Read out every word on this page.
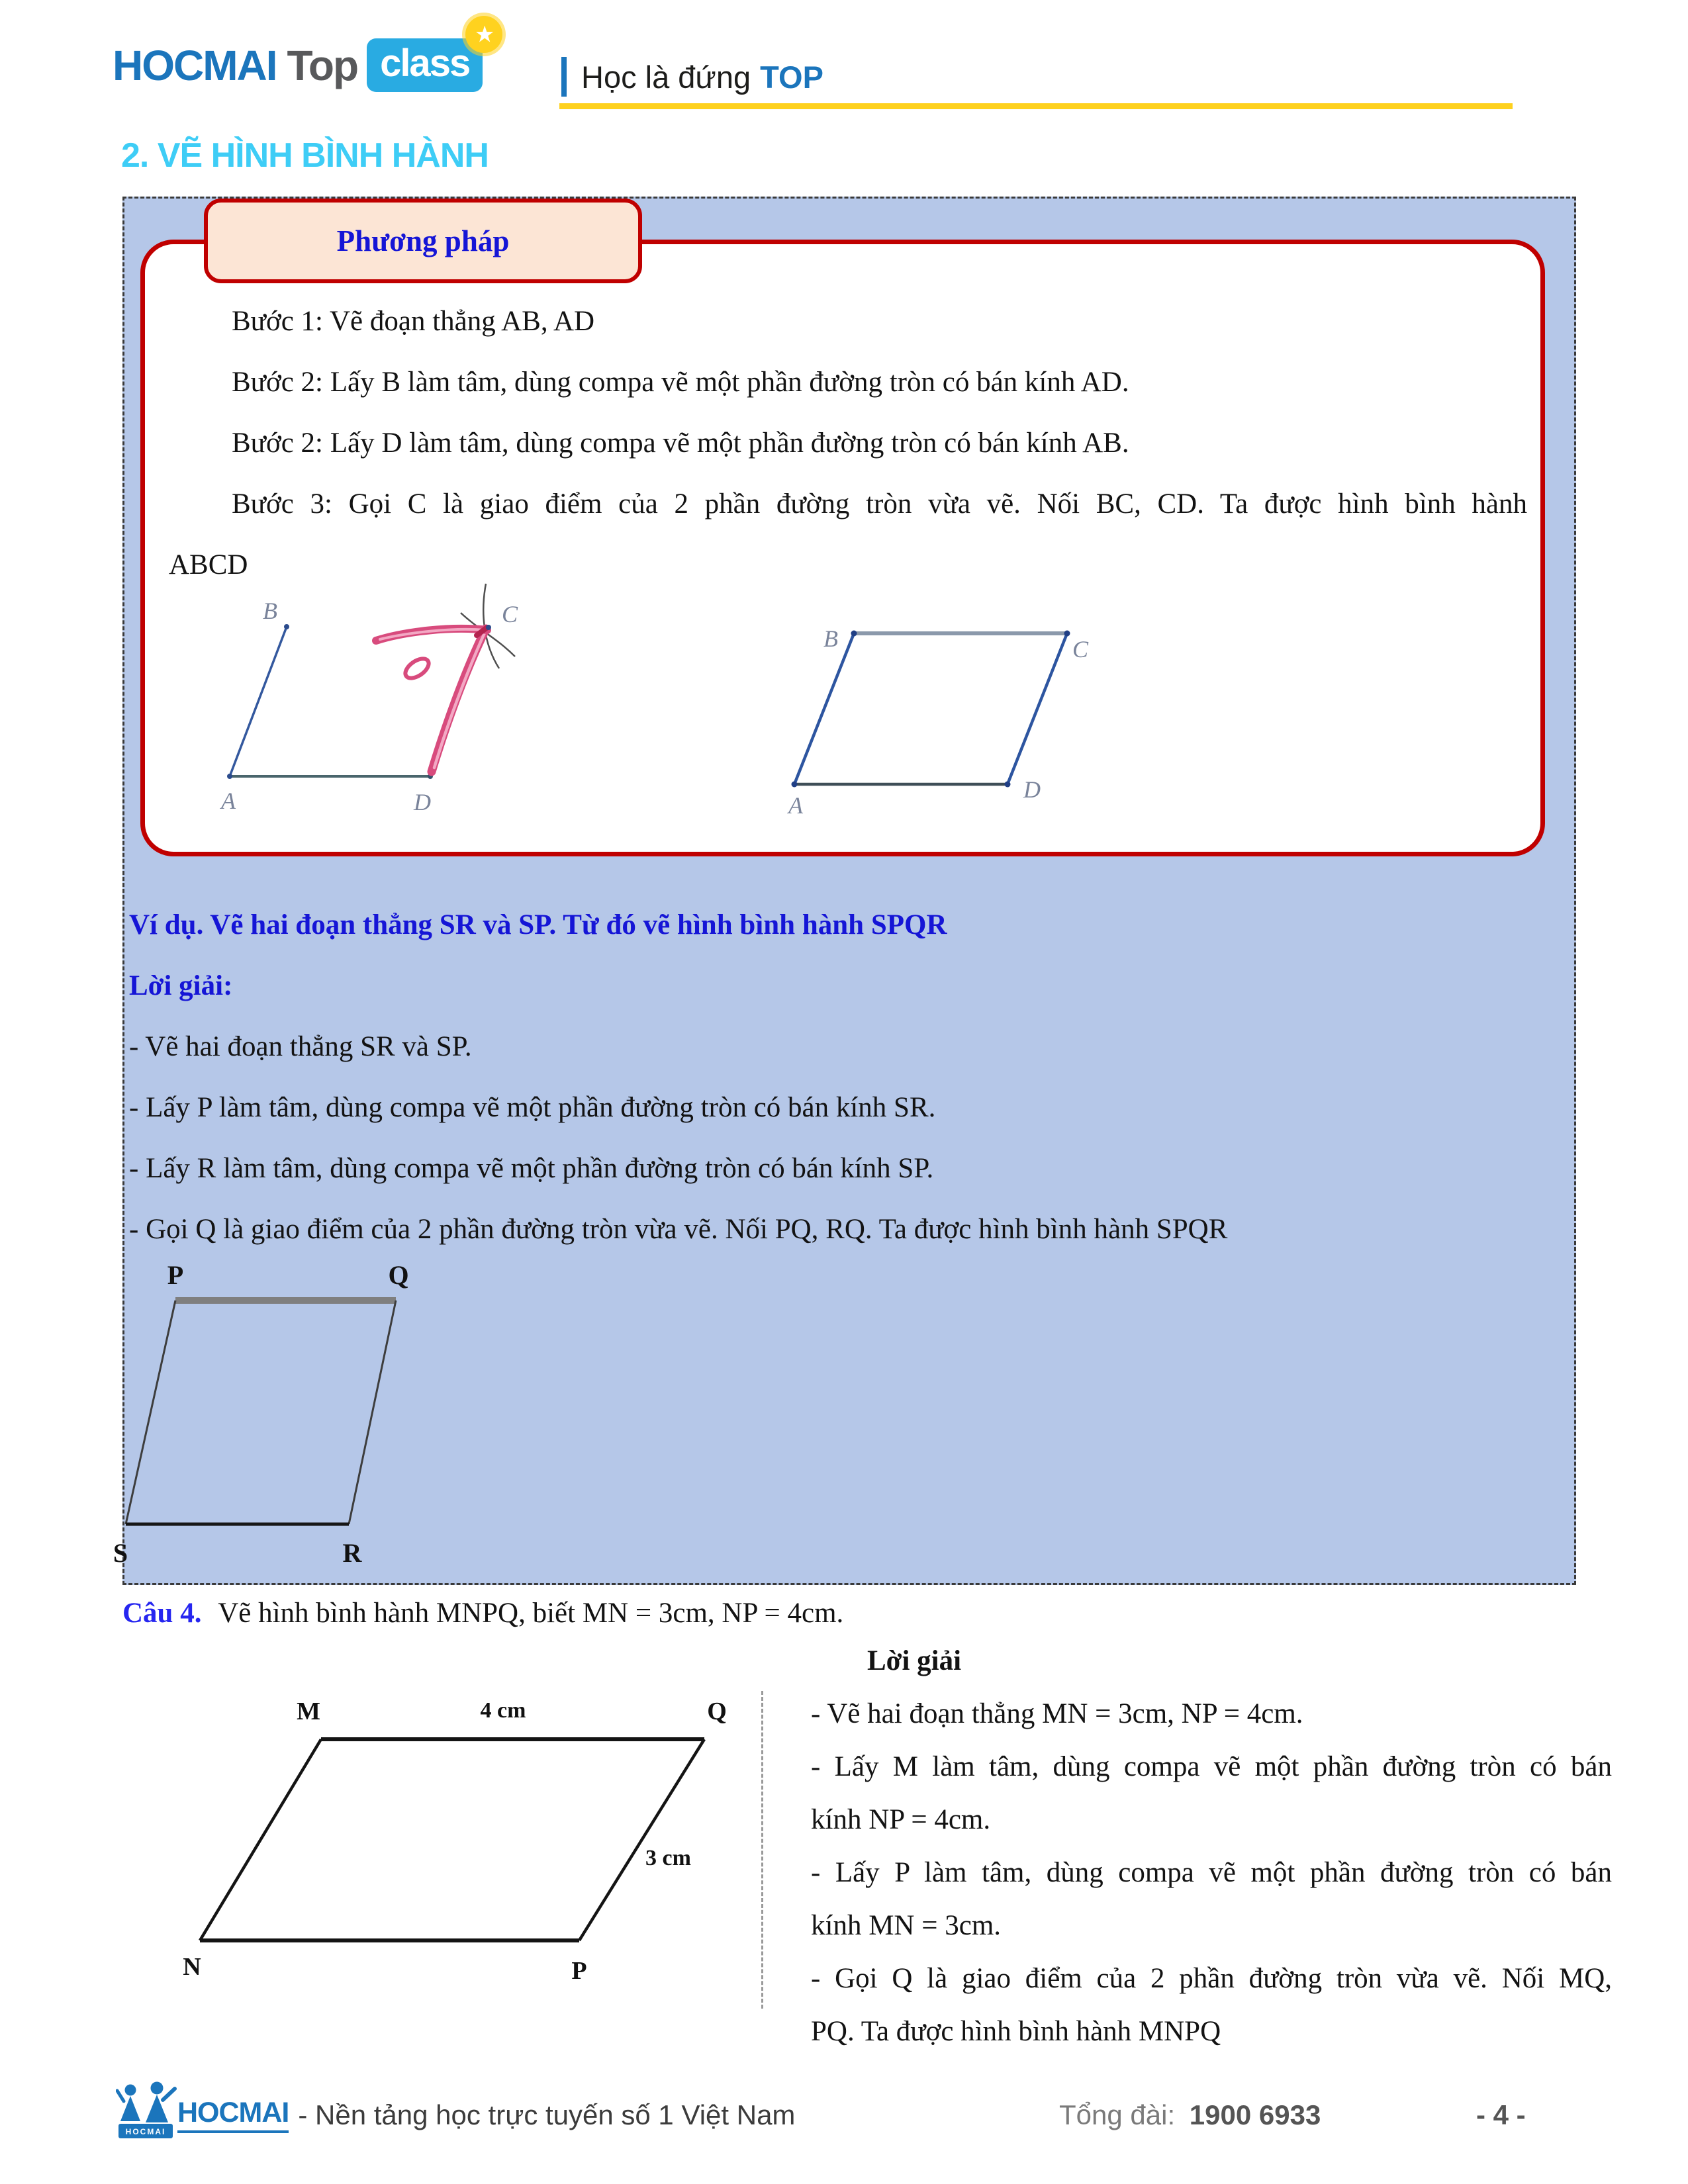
HOCMAI Top class
★
Học là đứng TOP
2. VẼ HÌNH BÌNH HÀNH
Phương pháp
Bước 1: Vẽ đoạn thẳng AB, AD
Bước 2: Lấy B làm tâm, dùng compa vẽ một phần đường tròn có bán kính AD.
Bước 2: Lấy D làm tâm, dùng compa vẽ một phần đường tròn có bán kính AB.
Bước 3: Gọi C là giao điểm của 2 phần đường tròn vừa vẽ. Nối BC, CD. Ta được hình bình hành
ABCD
B
A	D
C
B	C
A
D
Ví dụ. Vẽ hai đoạn thẳng SR và SP. Từ đó vẽ hình bình hành SPQR
Lời giải:
- Vẽ hai đoạn thẳng SR và SP.
- Lấy P làm tâm, dùng compa vẽ một phần đường tròn có bán kính SR.
- Lấy R làm tâm, dùng compa vẽ một phần đường tròn có bán kính SP.
- Gọi Q là giao điểm của 2 phần đường tròn vừa vẽ. Nối PQ, RQ. Ta được hình bình hành SPQR
P	Q
S	R
Câu 4. Vẽ hình bình hành MNPQ, biết MN = 3cm, NP = 4cm.
M	Q
N	P
4 cm
3 cm
Lời giải
- Vẽ hai đoạn thẳng MN = 3cm, NP = 4cm.
- Lấy M làm tâm, dùng compa vẽ một phần đường tròn có bán
kính NP = 4cm.
- Lấy P làm tâm, dùng compa vẽ một phần đường tròn có bán
kính MN = 3cm.
- Gọi Q là giao điểm của 2 phần đường tròn vừa vẽ. Nối MQ,
PQ. Ta được hình bình hành MNPQ
HOCMAI
HOCMAI - Nền tảng học trực tuyến số 1 Việt Nam	Tổng đài: 1900 6933	- 4 -
